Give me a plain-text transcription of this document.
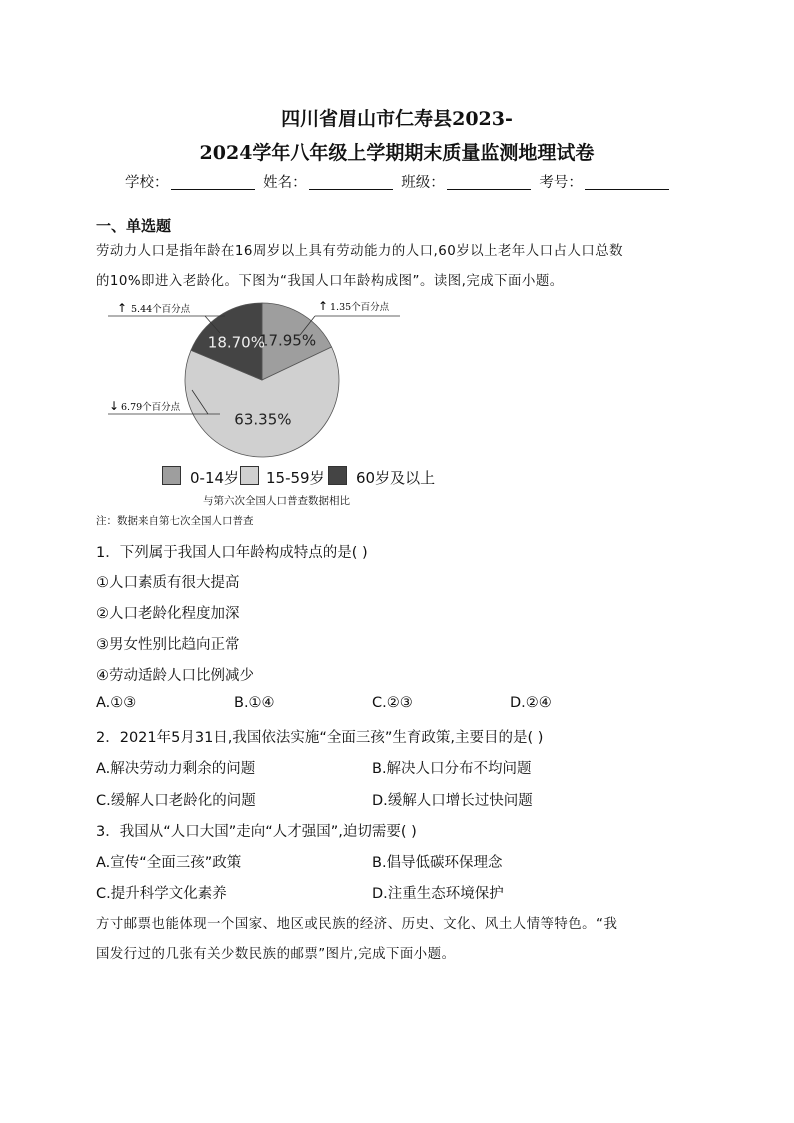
四川省眉山市仁寿县2023-
2024学年八年级上学期期末质量监测地理试卷
学校：	姓名：	班级：	考号：
一、单选题
劳动力人口是指年龄在16周岁以上具有劳动能力的人口,60岁以上老年人口占人口总数
的10%即进入老龄化。下图为“我国人口年龄构成图”。读图,完成下面小题。
17.95%
63.35%
18.70%
↑ 5.44个百分点	↑ 1.35个百分点
↓ 6.79个百分点
0-14岁 15-59岁 60岁及以上
与第六次全国人口普查数据相比
注：数据来自第七次全国人口普查
1．下列属于我国人口年龄构成特点的是( )
①人口素质有很大提高
②人口老龄化程度加深
③男女性别比趋向正常
④劳动适龄人口比例减少
A.①③	B.①④	C.②③	D.②④
2．2021年5月31日,我国依法实施“全面三孩”生育政策,主要目的是( )
A.解决劳动力剩余的问题	B.解决人口分布不均问题
C.缓解人口老龄化的问题	D.缓解人口增长过快问题
3．我国从“人口大国”走向“人才强国”,迫切需要( )
A.宣传“全面三孩”政策	B.倡导低碳环保理念
C.提升科学文化素养	D.注重生态环境保护
方寸邮票也能体现一个国家、地区或民族的经济、历史、文化、风土人情等特色。“我
国发行过的几张有关少数民族的邮票”图片,完成下面小题。
